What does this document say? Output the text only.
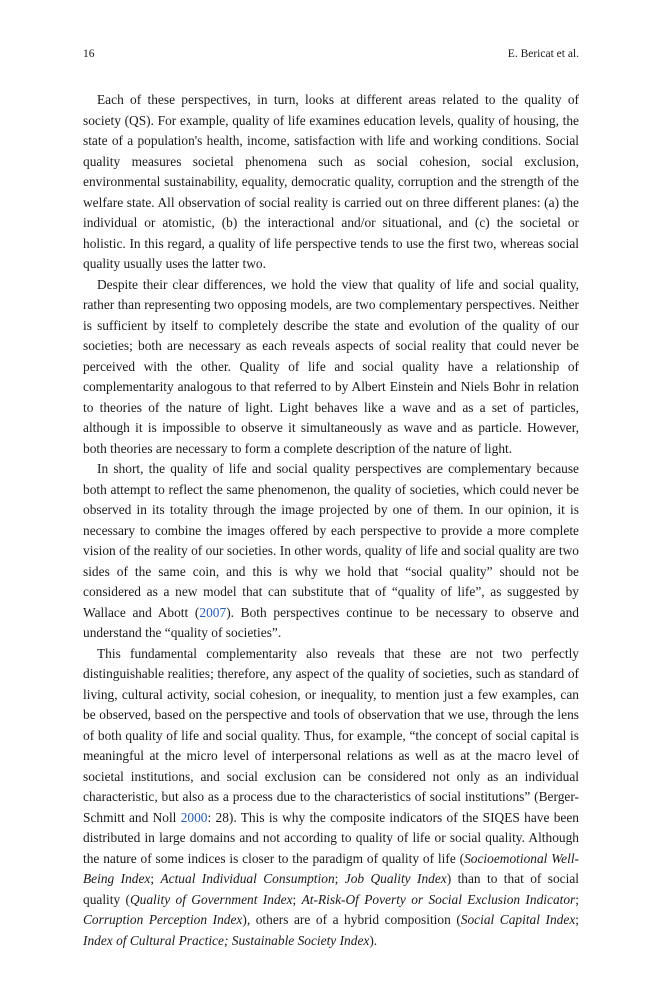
16	E. Bericat et al.

Each of these perspectives, in turn, looks at different areas related to the quality of society (QS). For example, quality of life examines education levels, quality of housing, the state of a population's health, income, satisfaction with life and working conditions. Social quality measures societal phenomena such as social cohesion, social exclusion, environmental sustainability, equality, democratic quality, corruption and the strength of the welfare state. All observation of social reality is carried out on three different planes: (a) the individual or atomistic, (b) the interactional and/or situational, and (c) the societal or holistic. In this regard, a quality of life perspective tends to use the first two, whereas social quality usually uses the latter two.

Despite their clear differences, we hold the view that quality of life and social quality, rather than representing two opposing models, are two complementary perspectives. Neither is sufficient by itself to completely describe the state and evolution of the quality of our societies; both are necessary as each reveals aspects of social reality that could never be perceived with the other. Quality of life and social quality have a relationship of complementarity analogous to that referred to by Albert Einstein and Niels Bohr in relation to theories of the nature of light. Light behaves like a wave and as a set of particles, although it is impossible to observe it simultaneously as wave and as particle. However, both theories are necessary to form a complete description of the nature of light.

In short, the quality of life and social quality perspectives are complementary because both attempt to reflect the same phenomenon, the quality of societies, which could never be observed in its totality through the image projected by one of them. In our opinion, it is necessary to combine the images offered by each perspective to provide a more complete vision of the reality of our societies. In other words, quality of life and social quality are two sides of the same coin, and this is why we hold that “social quality” should not be considered as a new model that can substitute that of “quality of life”, as suggested by Wallace and Abott (2007). Both perspectives continue to be necessary to observe and understand the “quality of societies”.

This fundamental complementarity also reveals that these are not two perfectly distinguishable realities; therefore, any aspect of the quality of societies, such as standard of living, cultural activity, social cohesion, or inequality, to mention just a few examples, can be observed, based on the perspective and tools of observation that we use, through the lens of both quality of life and social quality. Thus, for example, “the concept of social capital is meaningful at the micro level of interpersonal relations as well as at the macro level of societal institutions, and social exclusion can be considered not only as an individual characteristic, but also as a process due to the characteristics of social institutions” (Berger-Schmitt and Noll 2000: 28). This is why the composite indicators of the SIQES have been distributed in large domains and not according to quality of life or social quality. Although the nature of some indices is closer to the paradigm of quality of life (Socioemotional Well-Being Index; Actual Individual Consumption; Job Quality Index) than to that of social quality (Quality of Government Index; At-Risk-Of Poverty or Social Exclusion Indicator; Corruption Perception Index), others are of a hybrid composition (Social Capital Index; Index of Cultural Practice; Sustainable Society Index).
